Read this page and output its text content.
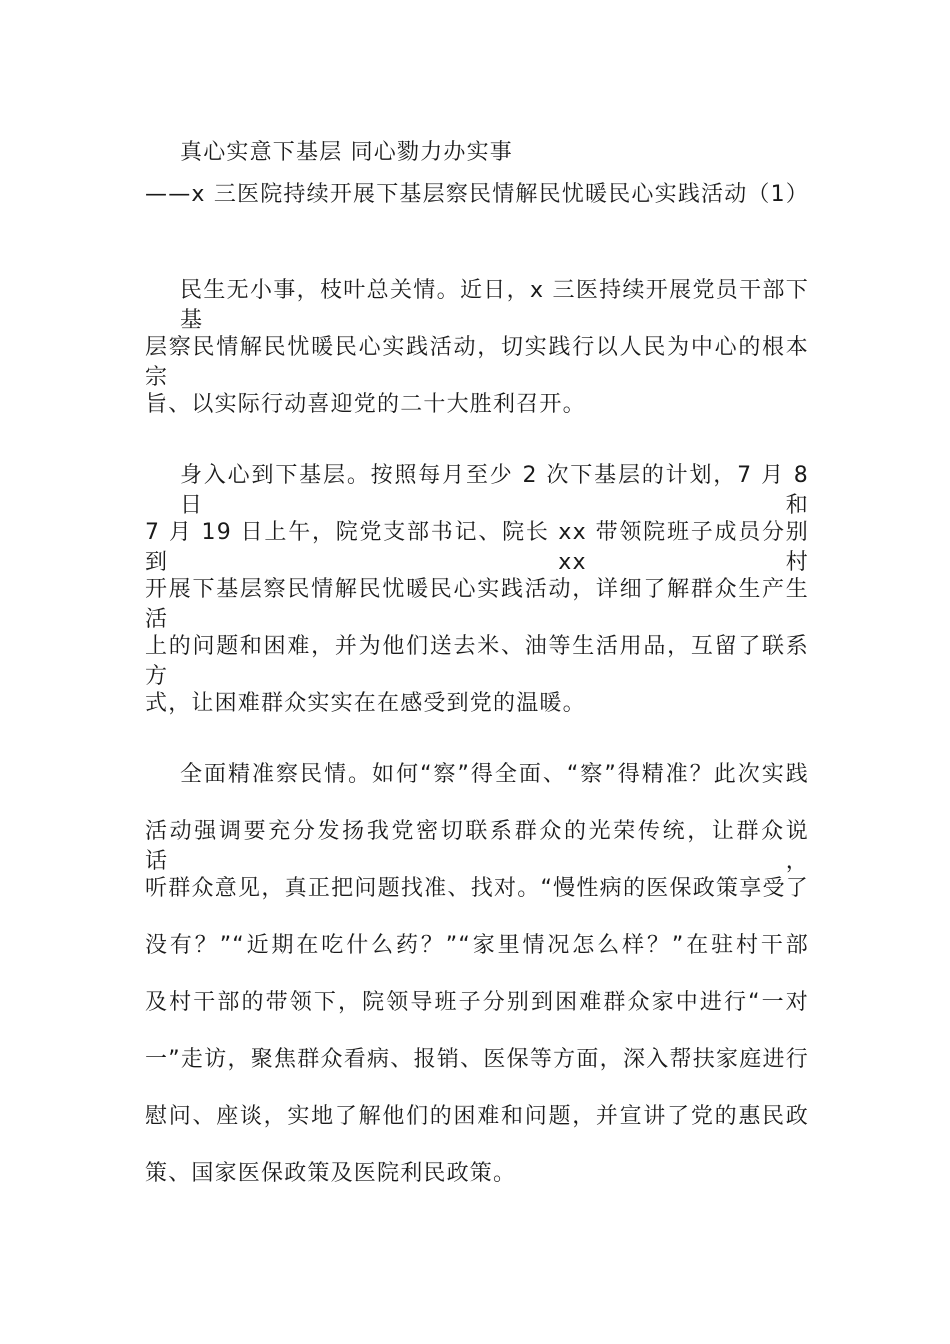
真心实意下基层 同心勠力办实事
——x 三医院持续开展下基层察民情解民忧暖民心实践活动（1）
民生无小事，枝叶总关情。近日，x 三医持续开展党员干部下基
层察民情解民忧暖民心实践活动，切实践行以人民为中心的根本宗
旨、以实际行动喜迎党的二十大胜利召开。
身入心到下基层。按照每月至少 2 次下基层的计划，7 月 8 日和
7 月 19 日上午，院党支部书记、院长 xx 带领院班子成员分别到 xx 村
开展下基层察民情解民忧暖民心实践活动，详细了解群众生产生活
上的问题和困难，并为他们送去米、油等生活用品，互留了联系方
式，让困难群众实实在在感受到党的温暖。
全面精准察民情。如何“察”得全面、“察”得精准？此次实践
活动强调要充分发扬我党密切联系群众的光荣传统，让群众说话，
听群众意见，真正把问题找准、找对。“慢性病的医保政策享受了
没有？”“近期在吃什么药？”“家里情况怎么样？”在驻村干部
及村干部的带领下，院领导班子分别到困难群众家中进行“一对
一”走访，聚焦群众看病、报销、医保等方面，深入帮扶家庭进行
慰问、座谈，实地了解他们的困难和问题，并宣讲了党的惠民政
策、国家医保政策及医院利民政策。
